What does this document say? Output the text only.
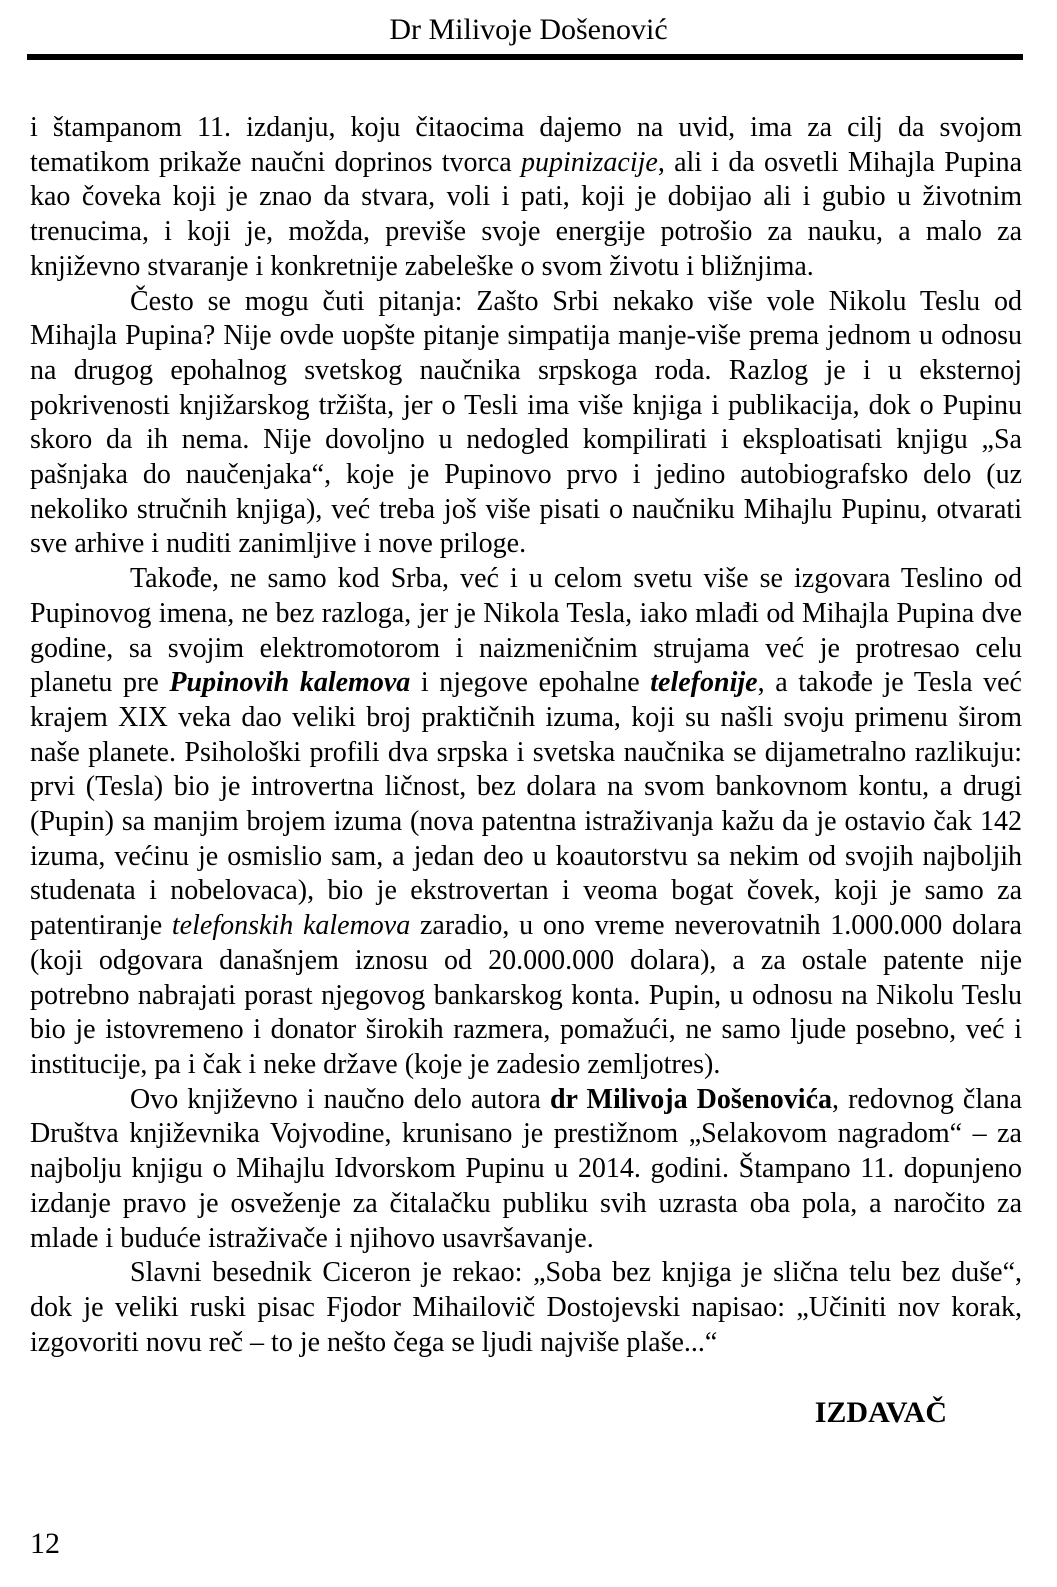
Dr Milivoje Došenović

i štampanom 11. izdanju, koju čitaocima dajemo na uvid, ima za cilj da svojom tematikom prikaže naučni doprinos tvorca pupinizacije, ali i da osvetli Mihajla Pupina kao čoveka koji je znao da stvara, voli i pati, koji je dobijao ali i gubio u životnim trenucima, i koji je, možda, previše svoje energije potrošio za nauku, a malo za književno stvaranje i konkretnije zabeleške o svom životu i bližnjima.

Često se mogu čuti pitanja: Zašto Srbi nekako više vole Nikolu Teslu od Mihajla Pupina? Nije ovde uopšte pitanje simpatija manje-više prema jednom u odnosu na drugog epohalnog svetskog naučnika srpskoga roda. Razlog je i u eksternoj pokrivenosti knjižarskog tržišta, jer o Tesli ima više knjiga i publikacija, dok o Pupinu skoro da ih nema. Nije dovoljno u nedogled kompilirati i eksploatisati knjigu „Sa pašnjaka do naučenjaka“, koje je Pupinovo prvo i jedino autobiografsko delo (uz nekoliko stručnih knjiga), već treba još više pisati o naučniku Mihajlu Pupinu, otvarati sve arhive i nuditi zanimljive i nove priloge.

Takođe, ne samo kod Srba, već i u celom svetu više se izgovara Teslino od Pupinovog imena, ne bez razloga, jer je Nikola Tesla, iako mlađi od Mihajla Pupina dve godine, sa svojim elektromotorom i naizmeničnim strujama već je protresao celu planetu pre Pupinovih kalemova i njegove epohalne telefonije, a takođe je Tesla već krajem XIX veka dao veliki broj praktičnih izuma, koji su našli svoju primenu širom naše planete. Psihološki profili dva srpska i svetska naučnika se dijametralno razlikuju: prvi (Tesla) bio je introvertna ličnost, bez dolara na svom bankovnom kontu, a drugi (Pupin) sa manjim brojem izuma (nova patentna istraživanja kažu da je ostavio čak 142 izuma, većinu je osmislio sam, a jedan deo u koautorstvu sa nekim od svojih najboljih studenata i nobelovaca), bio je ekstrovertan i veoma bogat čovek, koji je samo za patentiranje telefonskih kalemova zaradio, u ono vreme neverovatnih 1.000.000 dolara (koji odgovara današnjem iznosu od 20.000.000 dolara), a za ostale patente nije potrebno nabrajati porast njegovog bankarskog konta. Pupin, u odnosu na Nikolu Teslu bio je istovremeno i donator širokih razmera, pomažući, ne samo ljude posebno, već i institucije, pa i čak i neke države (koje je zadesio zemljotres).

Ovo književno i naučno delo autora dr Milivoja Došenovića, redovnog člana Društva književnika Vojvodine, krunisano je prestižnom „Selakovom nagradom“ – za najbolju knjigu o Mihajlu Idvorskom Pupinu u 2014. godini. Štampano 11. dopunjeno izdanje pravo je osveženje za čitalačku publiku svih uzrasta oba pola, a naročito za mlade i buduće istraživače i njihovo usavršavanje.

Slavni besednik Ciceron je rekao: „Soba bez knjiga je slična telu bez duše“, dok je veliki ruski pisac Fjodor Mihailovič Dostojevski napisao: „Učiniti nov korak, izgovoriti novu reč – to je nešto čega se ljudi najviše plaše...“

IZDAVAČ
12
